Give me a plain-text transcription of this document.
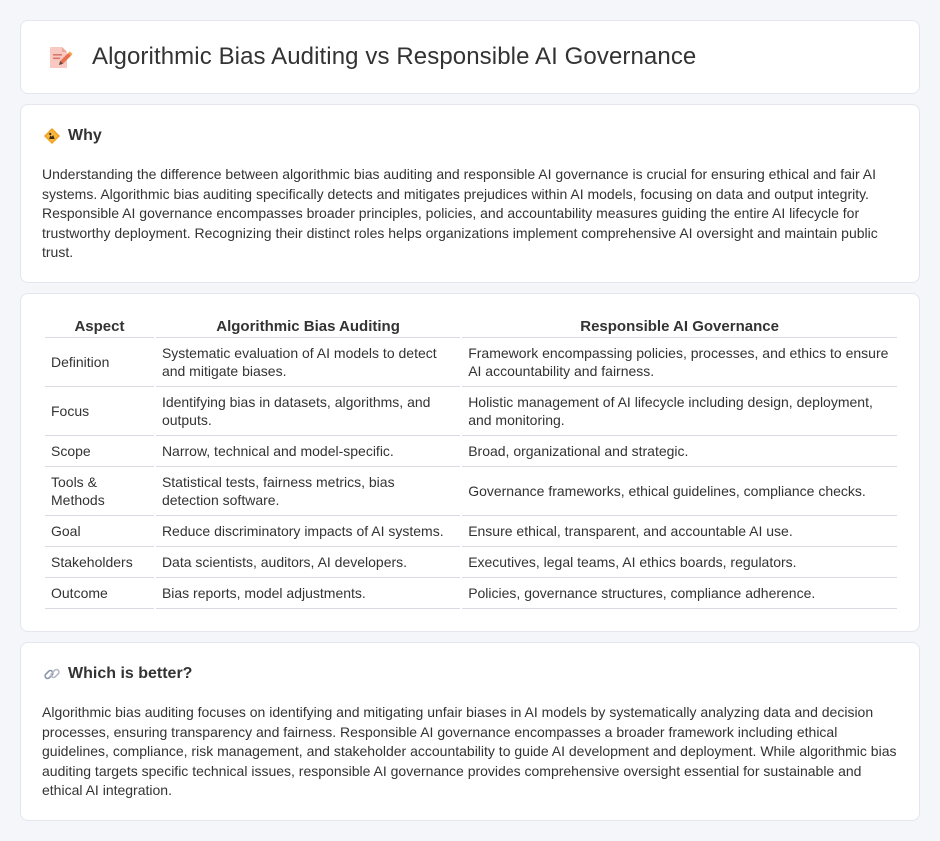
Algorithmic Bias Auditing vs Responsible AI Governance
Why

Understanding the difference between algorithmic bias auditing and responsible AI governance is crucial for ensuring ethical and fair AI systems. Algorithmic bias auditing specifically detects and mitigates prejudices within AI models, focusing on data and output integrity. Responsible AI governance encompasses broader principles, policies, and accountability measures guiding the entire AI lifecycle for trustworthy deployment. Recognizing their distinct roles helps organizations implement comprehensive AI oversight and maintain public trust.

Aspect	Algorithmic Bias Auditing	Responsible AI Governance
Definition	Systematic evaluation of AI models to detect and mitigate biases.	Framework encompassing policies, processes, and ethics to ensure AI accountability and fairness.
Focus	Identifying bias in datasets, algorithms, and outputs.	Holistic management of AI lifecycle including design, deployment, and monitoring.
Scope	Narrow, technical and model-specific.	Broad, organizational and strategic.
Tools & Methods	Statistical tests, fairness metrics, bias detection software.	Governance frameworks, ethical guidelines, compliance checks.
Goal	Reduce discriminatory impacts of AI systems.	Ensure ethical, transparent, and accountable AI use.
Stakeholders	Data scientists, auditors, AI developers.	Executives, legal teams, AI ethics boards, regulators.
Outcome	Bias reports, model adjustments.	Policies, governance structures, compliance adherence.
Which is better?

Algorithmic bias auditing focuses on identifying and mitigating unfair biases in AI models by systematically analyzing data and decision processes, ensuring transparency and fairness. Responsible AI governance encompasses a broader framework including ethical guidelines, compliance, risk management, and stakeholder accountability to guide AI development and deployment. While algorithmic bias auditing targets specific technical issues, responsible AI governance provides comprehensive oversight essential for sustainable and ethical AI integration.
